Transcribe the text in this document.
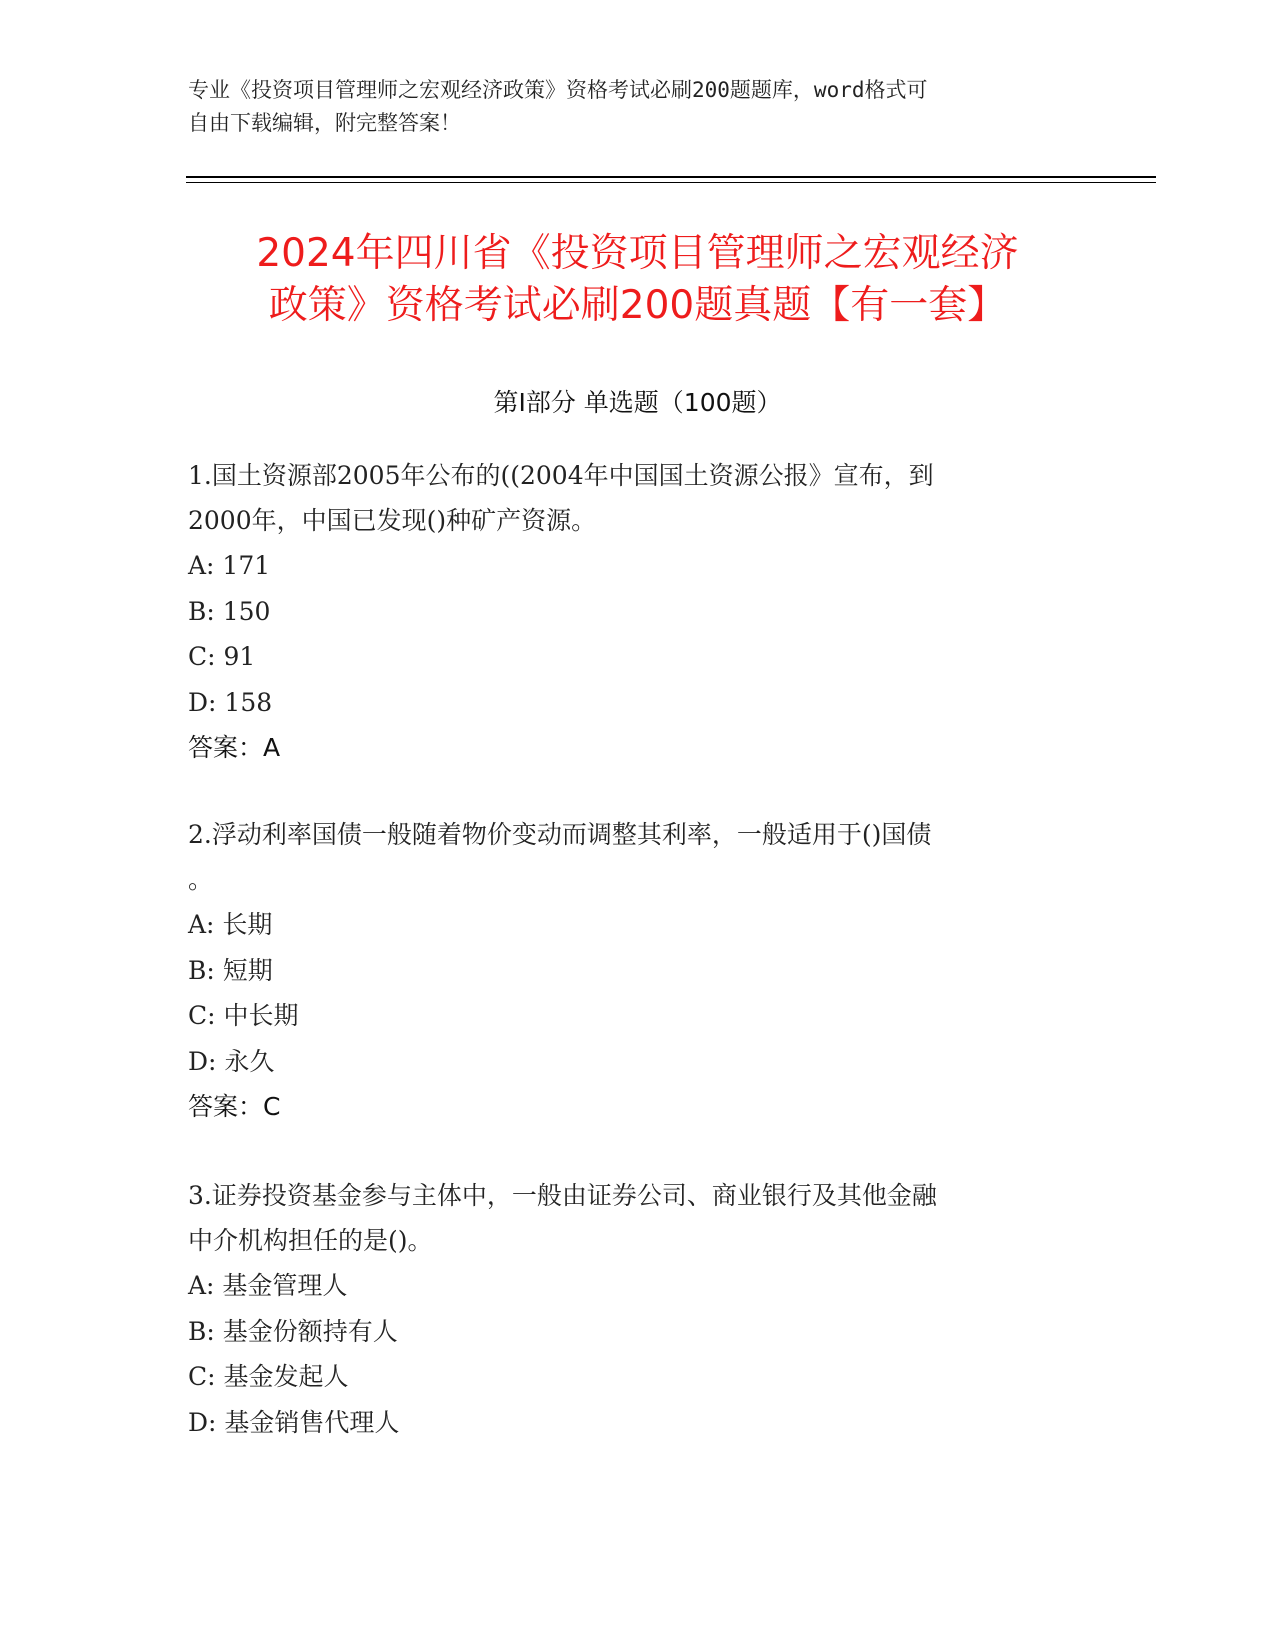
专业《投资项目管理师之宏观经济政策》资格考试必刷200题题库，word格式可
自由下载编辑，附完整答案！
2024年四川省《投资项目管理师之宏观经济
政策》资格考试必刷200题真题【有一套】
第Ⅰ部分 单选题（100题）
1.国土资源部2005年公布的((2004年中国国土资源公报》宣布，到
2000年，中国已发现()种矿产资源。
A: 171
B: 150
C: 91
D: 158
答案：A
2.浮动利率国债一般随着物价变动而调整其利率，一般适用于()国债
。
A: 长期
B: 短期
C: 中长期
D: 永久
答案：C
3.证券投资基金参与主体中，一般由证券公司、商业银行及其他金融
中介机构担任的是()。
A: 基金管理人
B: 基金份额持有人
C: 基金发起人
D: 基金销售代理人
